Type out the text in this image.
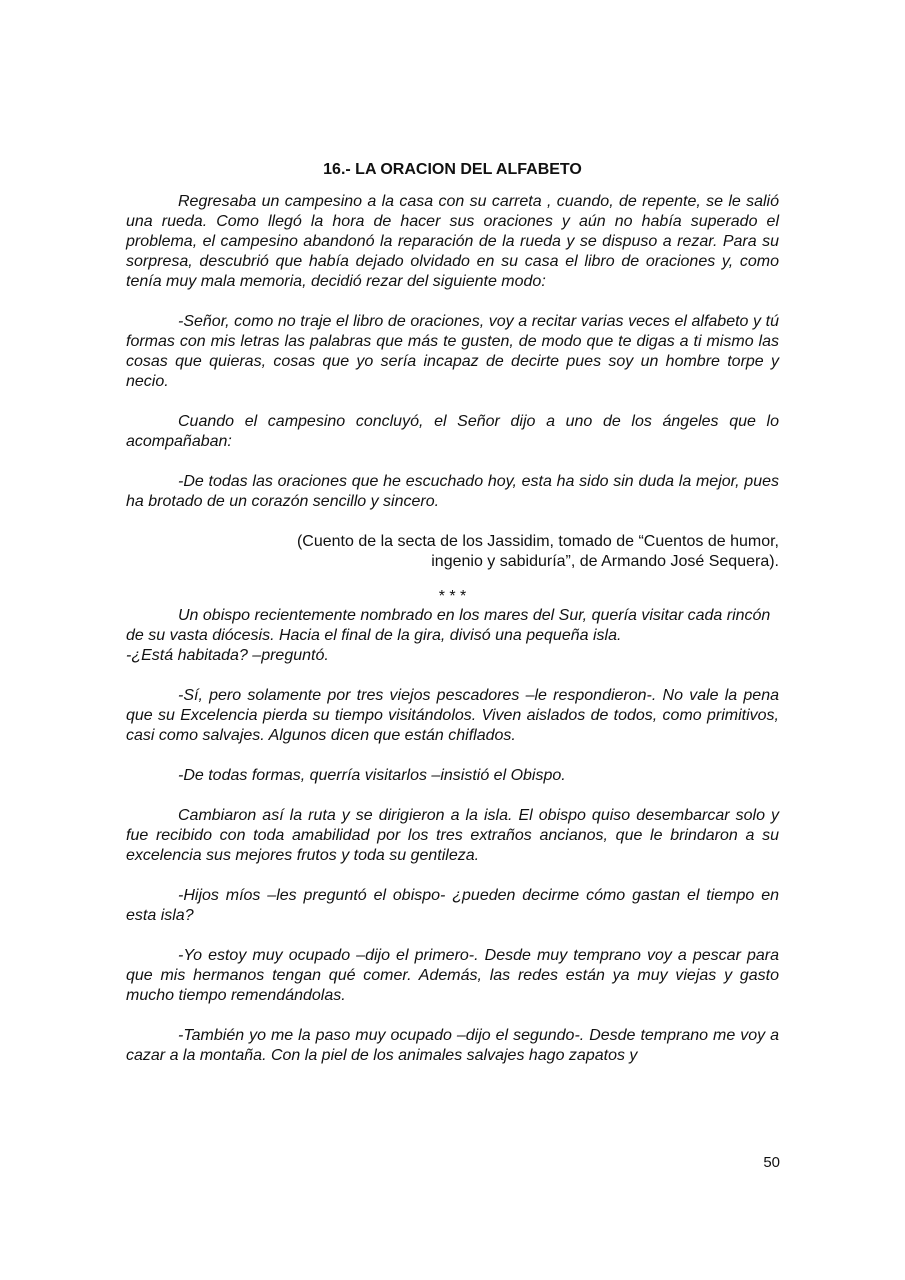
16.- LA ORACION DEL ALFABETO

Regresaba un campesino a la casa con su carreta , cuando, de repente, se le salió una rueda. Como llegó la hora de hacer sus oraciones y aún no había superado el problema, el campesino abandonó la reparación de la rueda y se dispuso a rezar. Para su sorpresa, descubrió que había dejado olvidado en su casa el libro de oraciones y, como tenía muy mala memoria, decidió rezar del siguiente modo:

-Señor, como no traje el libro de oraciones, voy a recitar varias veces el alfabeto y tú formas con mis letras las palabras que más te gusten, de modo que te digas a ti mismo las cosas que quieras, cosas que yo sería incapaz de decirte pues soy un hombre torpe y necio.

Cuando el campesino concluyó, el Señor dijo a uno de los ángeles que lo acompañaban:

-De todas las oraciones que he escuchado hoy, esta ha sido sin duda la mejor, pues ha brotado de un corazón sencillo y sincero.

(Cuento de la secta de los Jassidim, tomado de “Cuentos de humor,
ingenio y sabiduría”, de Armando José Sequera).

* * *

Un obispo recientemente nombrado en los mares del Sur, quería visitar cada rincón de su vasta diócesis. Hacia el final de la gira, divisó una pequeña isla.

-¿Está habitada? –preguntó.

-Sí, pero solamente por tres viejos pescadores –le respondieron-. No vale la pena que su Excelencia pierda su tiempo visitándolos. Viven aislados de todos, como primitivos, casi como salvajes. Algunos dicen que están chiflados.

-De todas formas, querría visitarlos –insistió el Obispo.

Cambiaron así la ruta y se dirigieron a la isla. El obispo quiso desembarcar solo y fue recibido con toda amabilidad por los tres extraños ancianos, que le brindaron a su excelencia sus mejores frutos y toda su gentileza.

-Hijos míos –les preguntó el obispo- ¿pueden decirme cómo gastan el tiempo en esta isla?

-Yo estoy muy ocupado –dijo el primero-. Desde muy temprano voy a pescar para que mis hermanos tengan qué comer. Además, las redes están ya muy viejas y gasto mucho tiempo remendándolas.

-También yo me la paso muy ocupado –dijo el segundo-. Desde temprano me voy a cazar a la montaña. Con la piel de los animales salvajes hago zapatos y

50
